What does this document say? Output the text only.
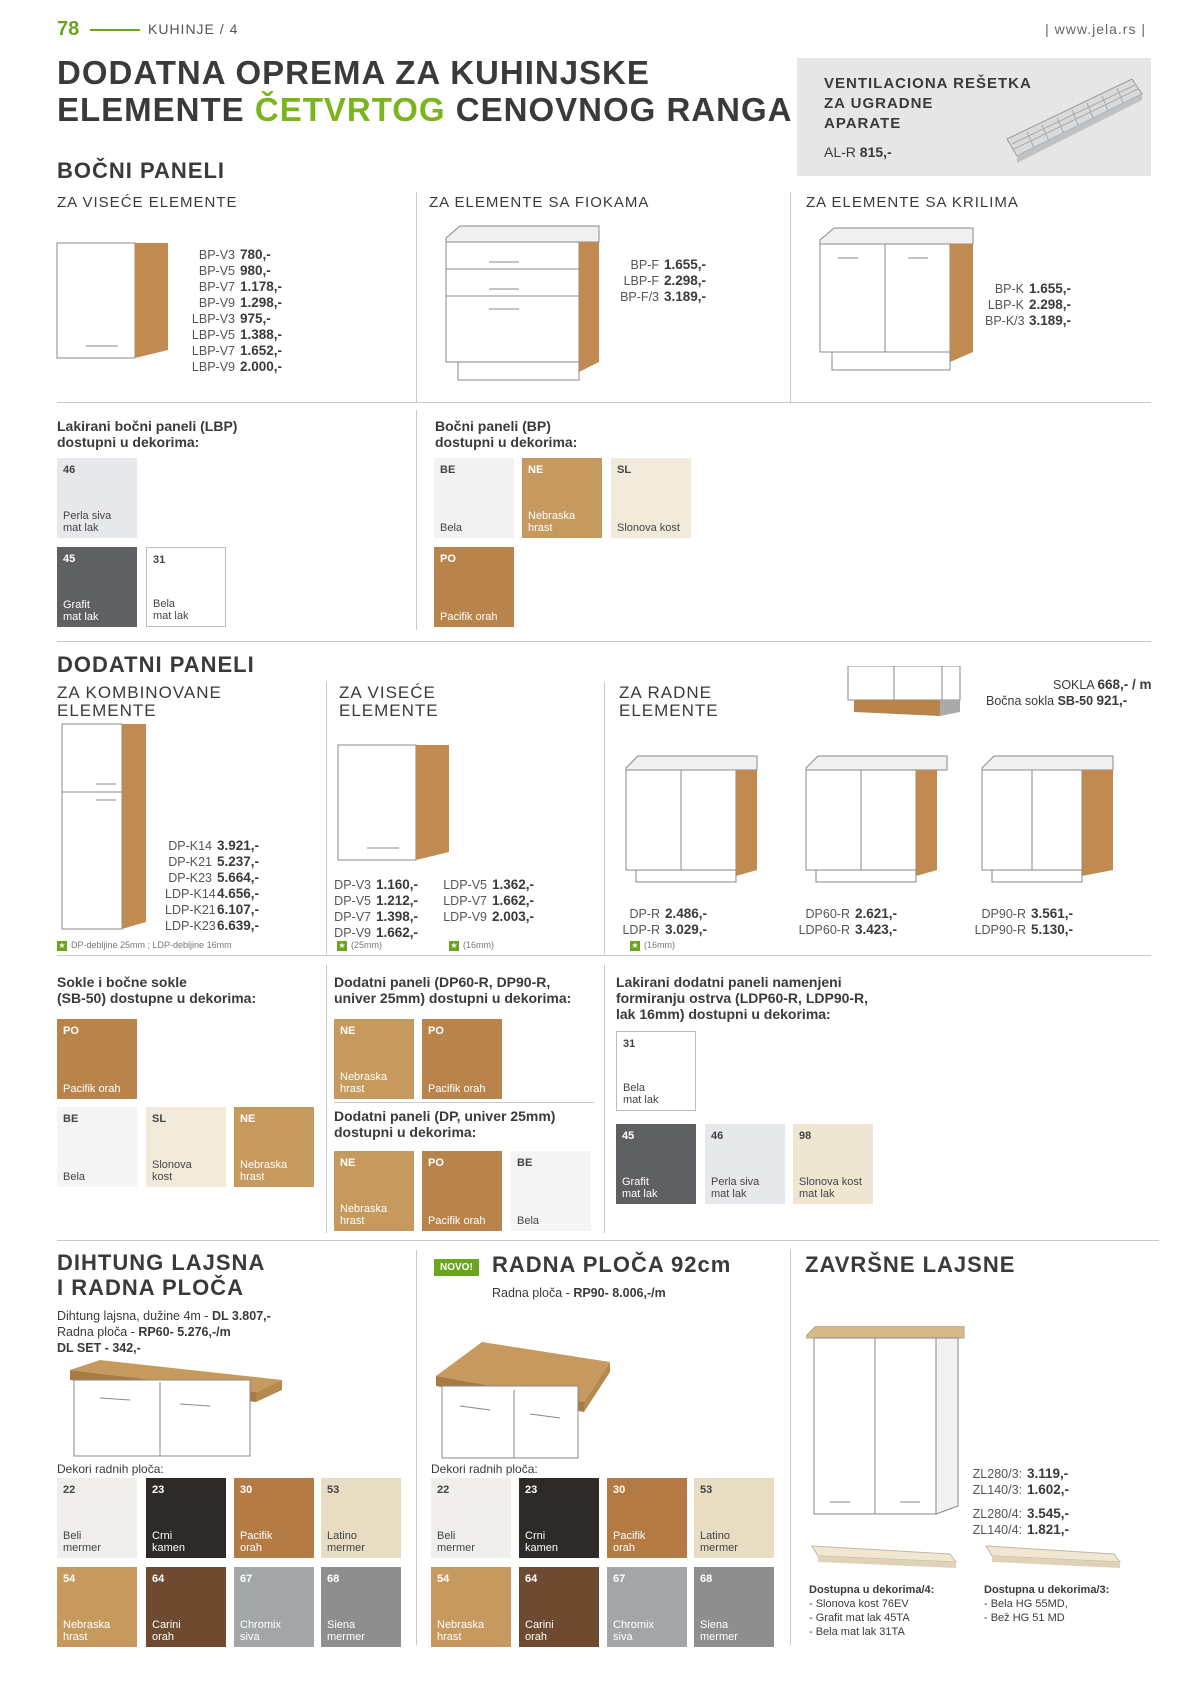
78	KUHINJE / 4	| www.jela.rs |
DODATNA OPREMA ZA KUHINJSKE
ELEMENTE ČETVRTOG CENOVNOG RANGA
VENTILACIONA REŠETKA
ZA UGRADNE
APARATE
AL-R 815,-
BOČNI PANELI
ZA VISEĆE ELEMENTE	ZA ELEMENTE SA FIOKAMA	ZA ELEMENTE SA KRILIMA
BP-V3 780,-
BP-V5 980,-
BP-V7 1.178,-
BP-V9 1.298,-
LBP-V3 975,-
LBP-V5 1.388,-
LBP-V7 1.652,-
LBP-V9 2.000,-
BP-F 1.655,-
LBP-F 2.298,-
BP-F/3 3.189,-	BP-K 1.655,-
LBP-K 2.298,-
BP-K/3 3.189,-
Lakirani bočni paneli (LBP)
dostupni u dekorima:
Bočni paneli (BP)
dostupni u dekorima:
46
Perla siva
mat lak
45
Grafit
mat lak
31
Bela
mat lak
BE
Bela
NE
Nebraska
hrast
SL
Slonova kost
PO
Pacifik orah
DODATNI PANELI
ZA KOMBINOVANE
ELEMENTE
ZA VISEĆE
ELEMENTE
ZA RADNE
ELEMENTE
SOKLA 668,- / m
Bočna sokla SB-50 921,-
DP-K14 3.921,-
DP-K21 5.237,-
DP-K23 5.664,-
LDP-K14 4.656,-
LDP-K21 6.107,-
LDP-K23 6.639,-
★ DP-debljine 25mm ; LDP-debljine 16mm
DP-V3 1.160,-
DP-V5 1.212,-
DP-V7 1.398,-
DP-V9 1.662,-
LDP-V5 1.362,-
LDP-V7 1.662,-
LDP-V9 2.003,-
★ (25mm)	★ (16mm)
DP-R 2.486,-
LDP-R 3.029,-
DP60-R 2.621,-
LDP60-R 3.423,-
DP90-R 3.561,-
LDP90-R 5.130,-
★ (16mm)
Sokle i bočne sokle
(SB-50) dostupne u dekorima:
Dodatni paneli (DP60-R, DP90-R,
univer 25mm) dostupni u dekorima:
Dodatni paneli (DP, univer 25mm)
dostupni u dekorima:
Lakirani dodatni paneli namenjeni
formiranju ostrva (LDP60-R, LDP90-R,
lak 16mm) dostupni u dekorima:
PO
Pacifik orah
BE
Bela
SL
Slonova
kost
NE
Nebraska
hrast
NE
Nebraska
hrast
PO
Pacifik orah
NE
Nebraska
hrast
PO
Pacifik orah
BE
Bela
31
Bela
mat lak
45
Grafit
mat lak
46
Perla siva
mat lak
98
Slonova kost
mat lak
DIHTUNG LAJSNA
I RADNA PLOČA
Dihtung lajsna, dužine 4m - DL 3.807,-
Radna ploča - RP60- 5.276,-/m
DL SET - 342,-
Dekori radnih ploča:
22
Beli
mermer
23
Crni
kamen
30
Pacifik
orah
53
Latino
mermer
54
Nebraska
hrast
64
Carini
orah
67
Chromix
siva
68
Siena
mermer
NOVO! RADNA PLOČA 92cm
Radna ploča - RP90- 8.006,-/m
Dekori radnih ploča:
22
Beli
mermer
23
Crni
kamen
30
Pacifik
orah
53
Latino
mermer
54
Nebraska
hrast
64
Carini
orah
67
Chromix
siva
68
Siena
mermer
ZAVRŠNE LAJSNE
ZL280/3: 3.119,-
ZL140/3: 1.602,-
ZL280/4: 3.545,-
ZL140/4: 1.821,-
Dostupna u dekorima/4:
- Slonova kost 76EV
- Grafit mat lak 45TA
- Bela mat lak 31TA
Dostupna u dekorima/3:
- Bela HG 55MD,
- Bež HG 51 MD
